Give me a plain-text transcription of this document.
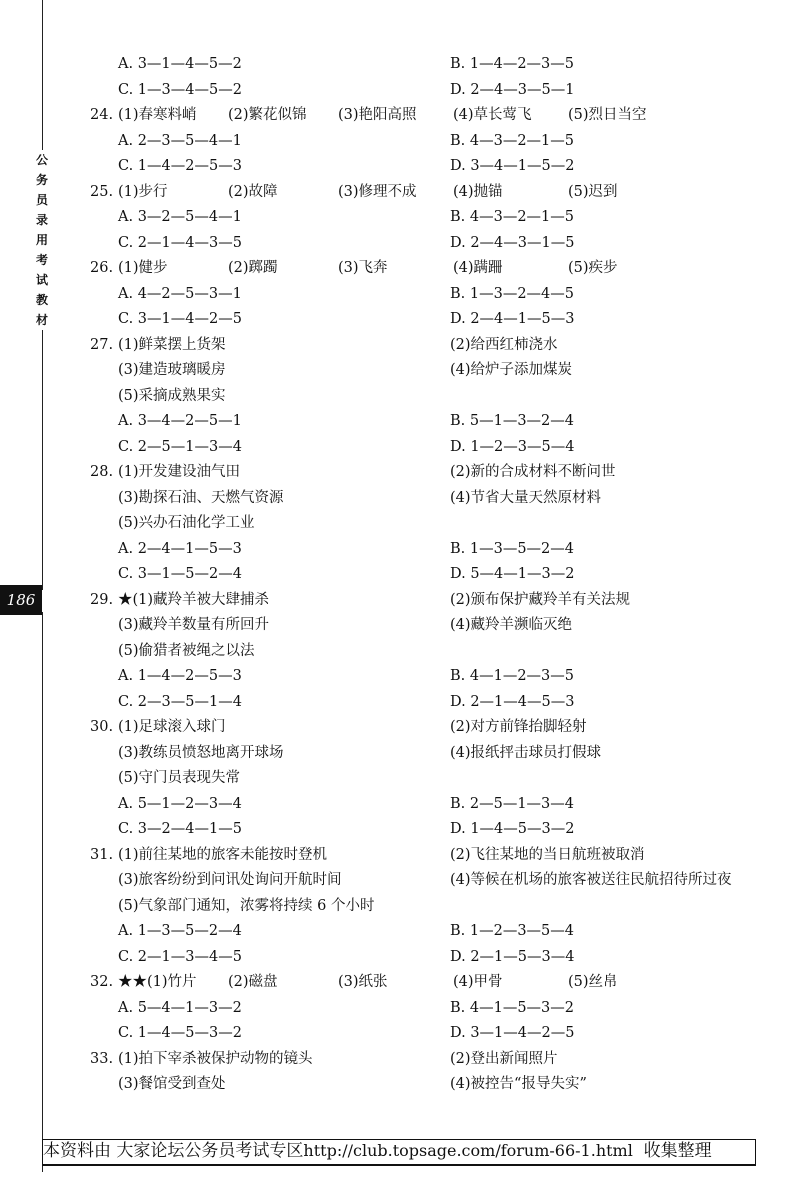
公
务
员
录
用
考
试
教
材
186
A. 3—1—4—5—2	B. 1—4—2—3—5
C. 1—3—4—5—2	D. 2—4—3—5—1
24. (1)春寒料峭 (2)繁花似锦 (3)艳阳高照	(4)草长莺飞	(5)烈日当空
A. 2—3—5—4—1	B. 4—3—2—1—5
C. 1—4—2—5—3	D. 3—4—1—5—2
25. (1)步行	(2)故障	(3)修理不成	(4)抛锚	(5)迟到
A. 3—2—5—4—1	B. 4—3—2—1—5
C. 2—1—4—3—5	D. 2—4—3—1—5
26. (1)健步	(2)踯躅	(3)飞奔	(4)蹒跚	(5)疾步
A. 4—2—5—3—1	B. 1—3—2—4—5
C. 3—1—4—2—5	D. 2—4—1—5—3
27. (1)鲜菜摆上货架	(2)给西红柿浇水
(3)建造玻璃暖房	(4)给炉子添加煤炭
(5)采摘成熟果实
A. 3—4—2—5—1	B. 5—1—3—2—4
C. 2—5—1—3—4	D. 1—2—3—5—4
28. (1)开发建设油气田	(2)新的合成材料不断问世
(3)勘探石油、天燃气资源	(4)节省大量天然原材料
(5)兴办石油化学工业
A. 2—4—1—5—3	B. 1—3—5—2—4
C. 3—1—5—2—4	D. 5—4—1—3—2
29. ★(1)藏羚羊被大肆捕杀	(2)颁布保护藏羚羊有关法规
(3)藏羚羊数量有所回升	(4)藏羚羊濒临灭绝
(5)偷猎者被绳之以法
A. 1—4—2—5—3	B. 4—1—2—3—5
C. 2—3—5—1—4	D. 2—1—4—5—3
30. (1)足球滚入球门	(2)对方前锋抬脚轻射
(3)教练员愤怒地离开球场	(4)报纸抨击球员打假球
(5)守门员表现失常
A. 5—1—2—3—4	B. 2—5—1—3—4
C. 3—2—4—1—5	D. 1—4—5—3—2
31. (1)前往某地的旅客未能按时登机	(2)飞往某地的当日航班被取消
(3)旅客纷纷到问讯处询问开航时间	(4)等候在机场的旅客被送往民航招待所过夜
(5)气象部门通知，浓雾将持续 6 个小时
A. 1—3—5—2—4	B. 1—2—3—5—4
C. 2—1—3—4—5	D. 2—1—5—3—4
32. ★★(1)竹片 (2)磁盘	(3)纸张	(4)甲骨	(5)丝帛
A. 5—4—1—3—2	B. 4—1—5—3—2
C. 1—4—5—3—2	D. 3—1—4—2—5
33. (1)拍下宰杀被保护动物的镜头	(2)登出新闻照片
(3)餐馆受到查处	(4)被控告“报导失实”
本资料由 大家论坛公务员考试专区http://club.topsage.com/forum-66-1.html 收集整理
